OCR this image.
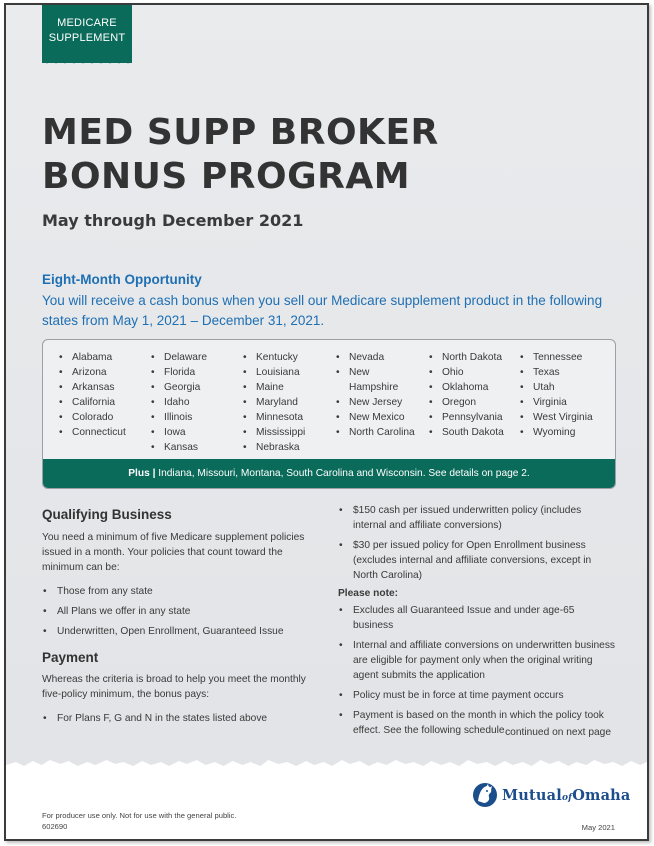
MEDICARE
SUPPLEMENT
MED SUPP BROKER
BONUS PROGRAM
May through December 2021
Eight-Month Opportunity
You will receive a cash bonus when you sell our Medicare supplement product in the following states from May 1, 2021 – December 31, 2021.
• Alabama
• Arizona
• Arkansas
• California
• Colorado
• Connecticut
• Delaware
• Florida
• Georgia
• Idaho
• Illinois
• Iowa
• Kansas
• Kentucky
• Louisiana
• Maine
• Maryland
• Minnesota
• Mississippi
• Nebraska
• Nevada
• New
Hampshire
• New Jersey
• New Mexico
• North Carolina
• North Dakota
• Ohio
• Oklahoma
• Oregon
• Pennsylvania
• South Dakota
• Tennessee
• Texas
• Utah
• Virginia
• West Virginia
• Wyoming
Plus | Indiana, Missouri, Montana, South Carolina and Wisconsin. See details on page 2.
Qualifying Business
You need a minimum of five Medicare supplement policies issued in a month. Your policies that count toward the minimum can be:
• Those from any state
• All Plans we offer in any state
• Underwritten, Open Enrollment, Guaranteed Issue
Payment
Whereas the criteria is broad to help you meet the monthly five-policy minimum, the bonus pays:
• For Plans F, G and N in the states listed above
• $150 cash per issued underwritten policy (includes internal and affiliate conversions)
• $30 per issued policy for Open Enrollment business (excludes internal and affiliate conversions, except in North Carolina)
Please note:
• Excludes all Guaranteed Issue and under age-65 business
• Internal and affiliate conversions on underwritten business are eligible for payment only when the original writing agent submits the application
• Policy must be in force at time payment occurs
• Payment is based on the month in which the policy took effect. See the following schedule.
continued on next page
MutualofOmaha
For producer use only. Not for use with the general public.
602690	May 2021
